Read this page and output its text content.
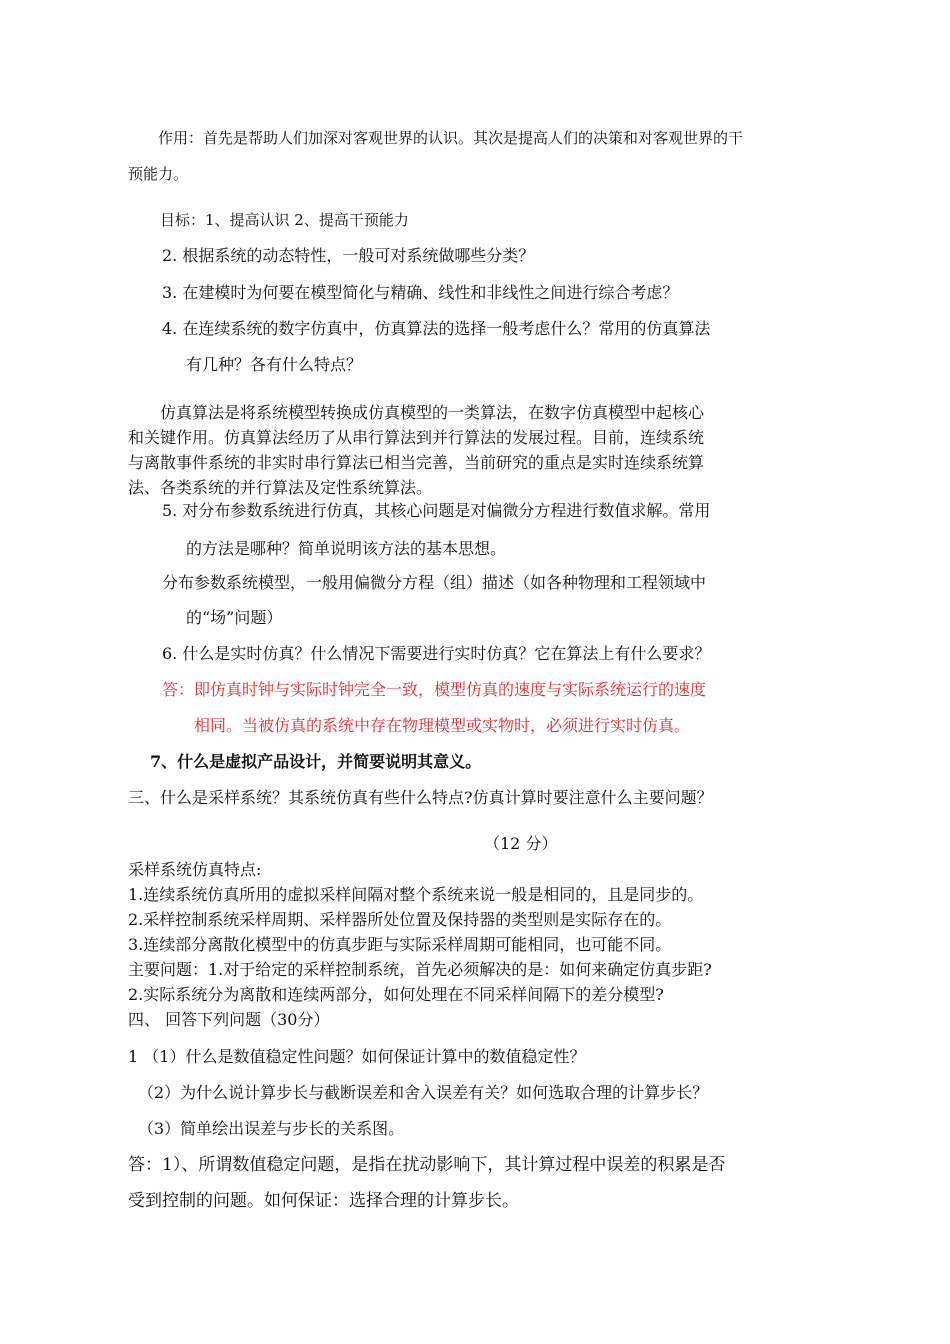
作用：首先是帮助人们加深对客观世界的认识。其次是提高人们的决策和对客观世界的干

预能力。

目标：1、提高认识 2、提高干预能力

2. 根据系统的动态特性，一般可对系统做哪些分类？

3. 在建模时为何要在模型简化与精确、线性和非线性之间进行综合考虑？

4. 在连续系统的数字仿真中，仿真算法的选择一般考虑什么？常用的仿真算法

有几种？各有什么特点？

仿真算法是将系统模型转换成仿真模型的一类算法，在数字仿真模型中起核心

和关键作用。仿真算法经历了从串行算法到并行算法的发展过程。目前，连续系统

与离散事件系统的非实时串行算法已相当完善，当前研究的重点是实时连续系统算

法、各类系统的并行算法及定性系统算法。

5. 对分布参数系统进行仿真，其核心问题是对偏微分方程进行数值求解。常用

的方法是哪种？简单说明该方法的基本思想。

分布参数系统模型，一般用偏微分方程（组）描述（如各种物理和工程领域中

的“场”问题）

6. 什么是实时仿真？什么情况下需要进行实时仿真？它在算法上有什么要求？

答：即仿真时钟与实际时钟完全一致，模型仿真的速度与实际系统运行的速度

相同。当被仿真的系统中存在物理模型或实物时，必须进行实时仿真。

7、什么是虚拟产品设计，并简要说明其意义。

三、什么是采样系统？其系统仿真有些什么特点?仿真计算时要注意什么主要问题？

（12 分）

采样系统仿真特点:

1.连续系统仿真所用的虚拟采样间隔对整个系统来说一般是相同的，且是同步的。

2.采样控制系统采样周期、采样器所处位置及保持器的类型则是实际存在的。

3.连续部分离散化模型中的仿真步距与实际采样周期可能相同，也可能不同。

主要问题：1.对于给定的采样控制系统，首先必须解决的是：如何来确定仿真步距?

2.实际系统分为离散和连续两部分，如何处理在不同采样间隔下的差分模型?

四、 回答下列问题（30分）

1 （1）什么是数值稳定性问题？如何保证计算中的数值稳定性？

（2）为什么说计算步长与截断误差和舍入误差有关？如何选取合理的计算步长？

（3）简单绘出误差与步长的关系图。

答：1）、所谓数值稳定问题，是指在扰动影响下，其计算过程中误差的积累是否

受到控制的问题。如何保证：选择合理的计算步长。
